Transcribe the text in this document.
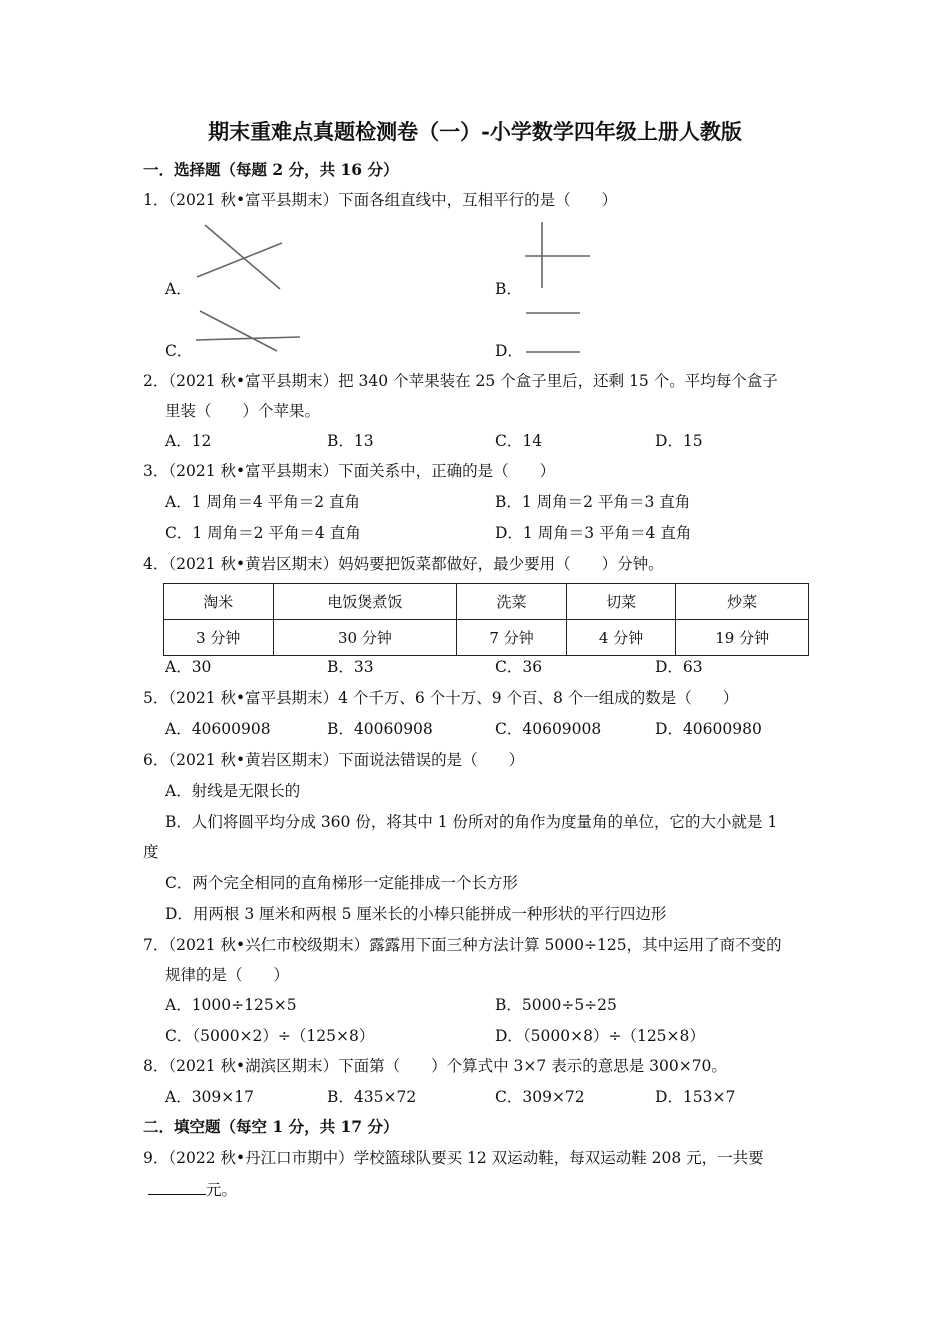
期末重难点真题检测卷（一）-小学数学四年级上册人教版
一．选择题（每题 2 分，共 16 分）
1．（2021 秋•富平县期末）下面各组直线中，互相平行的是（　　）
A．	B．
C．	D．
2．（2021 秋•富平县期末）把 340 个苹果装在 25 个盒子里后，还剩 15 个。平均每个盒子
里装（　　）个苹果。
A．12	B．13	C．14	D．15
3．（2021 秋•富平县期末）下面关系中，正确的是（　　）
A．1 周角＝4 平角＝2 直角	B．1 周角＝2 平角＝3 直角
C．1 周角＝2 平角＝4 直角	D．1 周角＝3 平角＝4 直角
4．（2021 秋•黄岩区期末）妈妈要把饭菜都做好，最少要用（　　）分钟。
淘米	电饭煲煮饭	洗菜	切菜	炒菜
3 分钟	30 分钟	7 分钟	4 分钟	19 分钟
A．30	B．33	C．36	D．63
5．（2021 秋•富平县期末）4 个千万、6 个十万、9 个百、8 个一组成的数是（　　）
A．40600908	B．40060908	C．40609008	D．40600980
6．（2021 秋•黄岩区期末）下面说法错误的是（　　）
A．射线是无限长的
B．人们将圆平均分成 360 份，将其中 1 份所对的角作为度量角的单位，它的大小就是 1
度
C．两个完全相同的直角梯形一定能排成一个长方形
D．用两根 3 厘米和两根 5 厘米长的小棒只能拼成一种形状的平行四边形
7．（2021 秋•兴仁市校级期末）露露用下面三种方法计算 5000÷125，其中运用了商不变的
规律的是（　　）
A．1000÷125×5	B．5000÷5÷25
C．（5000×2）÷（125×8）	D．（5000×8）÷（125×8）
8．（2021 秋•湖滨区期末）下面第（　　）个算式中 3×7 表示的意思是 300×70。
A．309×17	B．435×72	C．309×72	D．153×7
二．填空题（每空 1 分，共 17 分）
9．（2022 秋•丹江口市期中）学校篮球队要买 12 双运动鞋，每双运动鞋 208 元，一共要
元。
